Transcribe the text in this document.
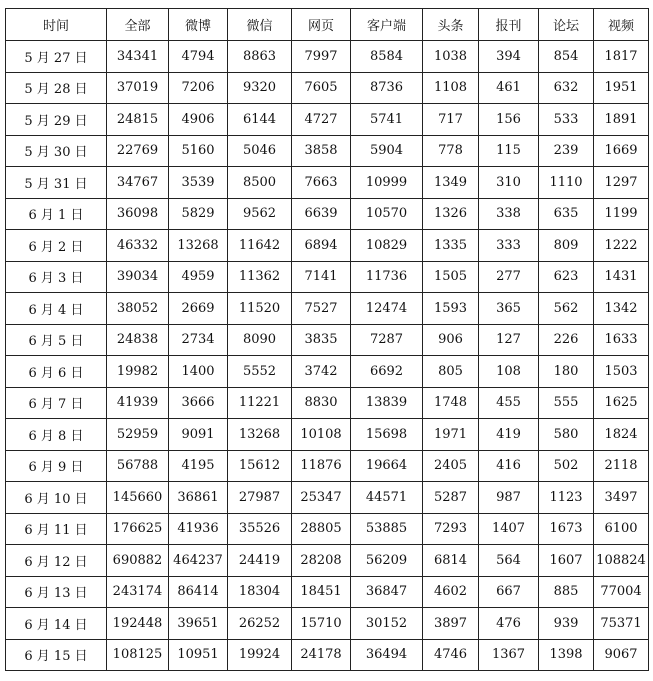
时间	全部	微博	微信	网页	客户端	头条	报刊	论坛	视频
5 月 27 日	34341	4794	8863	7997	8584	1038	394	854	1817
5 月 28 日	37019	7206	9320	7605	8736	1108	461	632	1951
5 月 29 日	24815	4906	6144	4727	5741	717	156	533	1891
5 月 30 日	22769	5160	5046	3858	5904	778	115	239	1669
5 月 31 日	34767	3539	8500	7663	10999	1349	310	1110	1297
6 月 1 日	36098	5829	9562	6639	10570	1326	338	635	1199
6 月 2 日	46332	13268	11642	6894	10829	1335	333	809	1222
6 月 3 日	39034	4959	11362	7141	11736	1505	277	623	1431
6 月 4 日	38052	2669	11520	7527	12474	1593	365	562	1342
6 月 5 日	24838	2734	8090	3835	7287	906	127	226	1633
6 月 6 日	19982	1400	5552	3742	6692	805	108	180	1503
6 月 7 日	41939	3666	11221	8830	13839	1748	455	555	1625
6 月 8 日	52959	9091	13268	10108	15698	1971	419	580	1824
6 月 9 日	56788	4195	15612	11876	19664	2405	416	502	2118
6 月 10 日	145660	36861	27987	25347	44571	5287	987	1123	3497
6 月 11 日	176625	41936	35526	28805	53885	7293	1407	1673	6100
6 月 12 日	690882	464237	24419	28208	56209	6814	564	1607	108824
6 月 13 日	243174	86414	18304	18451	36847	4602	667	885	77004
6 月 14 日	192448	39651	26252	15710	30152	3897	476	939	75371
6 月 15 日	108125	10951	19924	24178	36494	4746	1367	1398	9067
